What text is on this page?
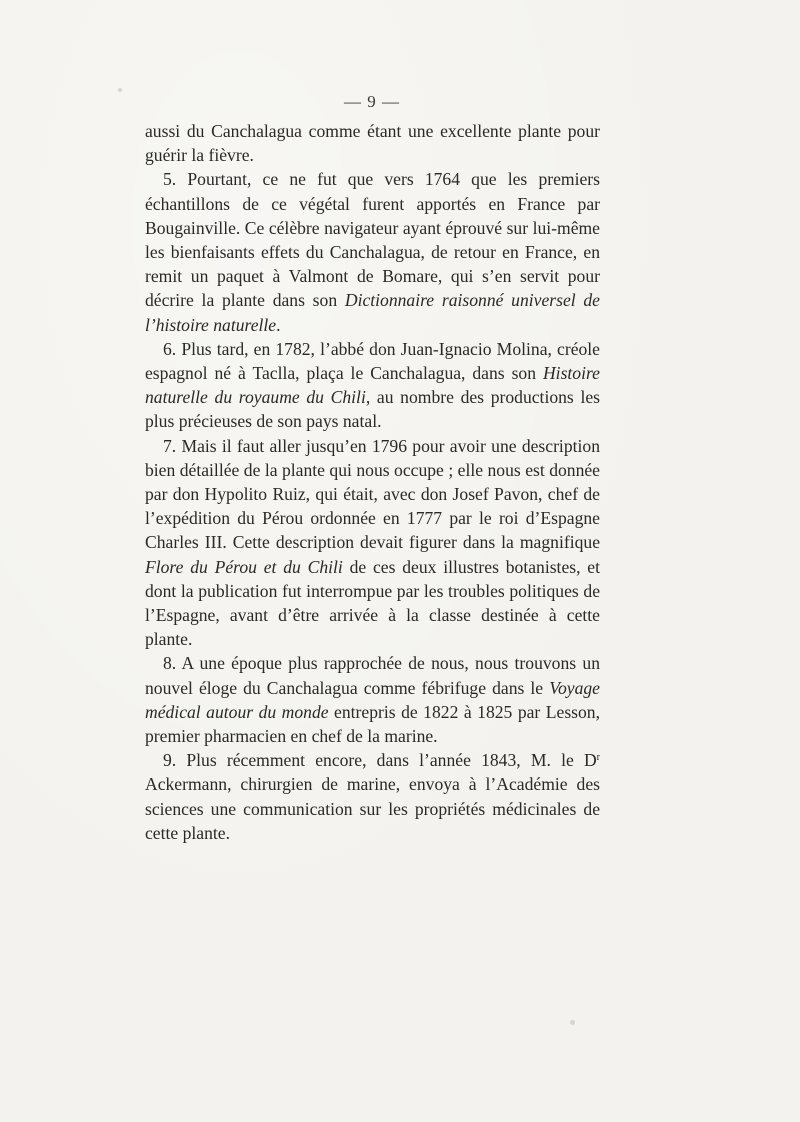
— 9 —

aussi du Canchalagua comme étant une excellente plante pour guérir la fièvre.

5. Pourtant, ce ne fut que vers 1764 que les premiers échantillons de ce végétal furent apportés en France par Bougainville. Ce célèbre navigateur ayant éprouvé sur lui-même les bienfaisants effets du Canchalagua, de retour en France, en remit un paquet à Valmont de Bomare, qui s’en servit pour décrire la plante dans son Dictionnaire raisonné universel de l’histoire naturelle.

6. Plus tard, en 1782, l’abbé don Juan-Ignacio Molina, créole espagnol né à Taclla, plaça le Canchalagua, dans son Histoire naturelle du royaume du Chili, au nombre des productions les plus précieuses de son pays natal.

7. Mais il faut aller jusqu’en 1796 pour avoir une description bien détaillée de la plante qui nous occupe ; elle nous est donnée par don Hypolito Ruiz, qui était, avec don Josef Pavon, chef de l’expédition du Pérou ordonnée en 1777 par le roi d’Espagne Charles III. Cette description devait figurer dans la magnifique Flore du Pérou et du Chili de ces deux illustres botanistes, et dont la publication fut interrompue par les troubles politiques de l’Espagne, avant d’être arrivée à la classe destinée à cette plante.

8. A une époque plus rapprochée de nous, nous trouvons un nouvel éloge du Canchalagua comme fébrifuge dans le Voyage médical autour du monde entrepris de 1822 à 1825 par Lesson, premier pharmacien en chef de la marine.

9. Plus récemment encore, dans l’année 1843, M. le $D^r$ Ackermann, chirurgien de marine, envoya à l’Académie des sciences une communication sur les propriétés médicinales de cette plante.
